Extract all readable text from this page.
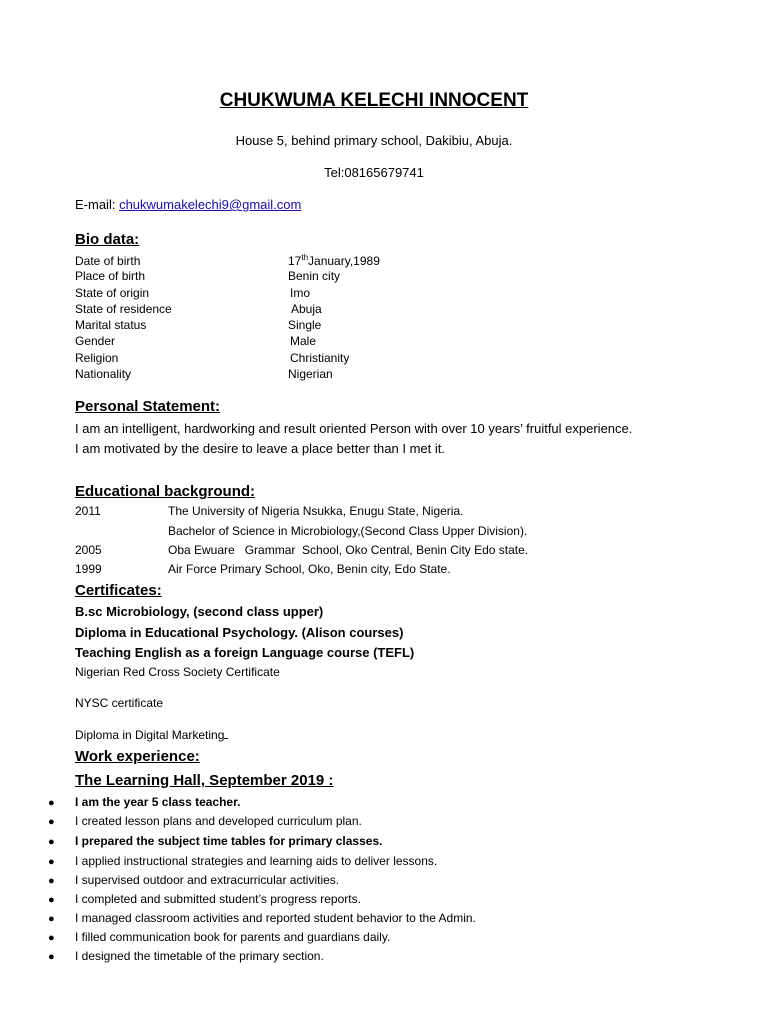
CHUKWUMA KELECHI INNOCENT
House 5, behind primary school, Dakibiu, Abuja.
Tel:08165679741
E-mail: chukwumakelechi9@gmail.com
Bio data:
Date of birth	17thJanuary,1989
Place of birth	Benin city
State of origin	Imo
State of residence	Abuja
Marital status	Single
Gender	Male
Religion	Christianity
Nationality	Nigerian
Personal Statement:
I am an intelligent, hardworking and result oriented Person with over 10 years’ fruitful experience. I am motivated by the desire to leave a place better than I met it.
Educational background:
2011	The University of Nigeria Nsukka, Enugu State, Nigeria.
Bachelor of Science in Microbiology,(Second Class Upper Division).
2005	Oba Ewuare   Grammar  School, Oko Central, Benin City Edo state.
1999	Air Force Primary School, Oko, Benin city, Edo State.
Certificates:
B.sc Microbiology, (second class upper)
Diploma in Educational Psychology. (Alison courses)
Teaching English as a foreign Language course (TEFL)
Nigerian Red Cross Society Certificate
NYSC certificate
Diploma in Digital Marketing
Work experience:
The Learning Hall, September 2019 :
● I am the year 5 class teacher.
● I created lesson plans and developed curriculum plan.
● I prepared the subject time tables for primary classes.
● I applied instructional strategies and learning aids to deliver lessons.
● I supervised outdoor and extracurricular activities.
● I completed and submitted student’s progress reports.
● I managed classroom activities and reported student behavior to the Admin.
● I filled communication book for parents and guardians daily.
● I designed the timetable of the primary section.
